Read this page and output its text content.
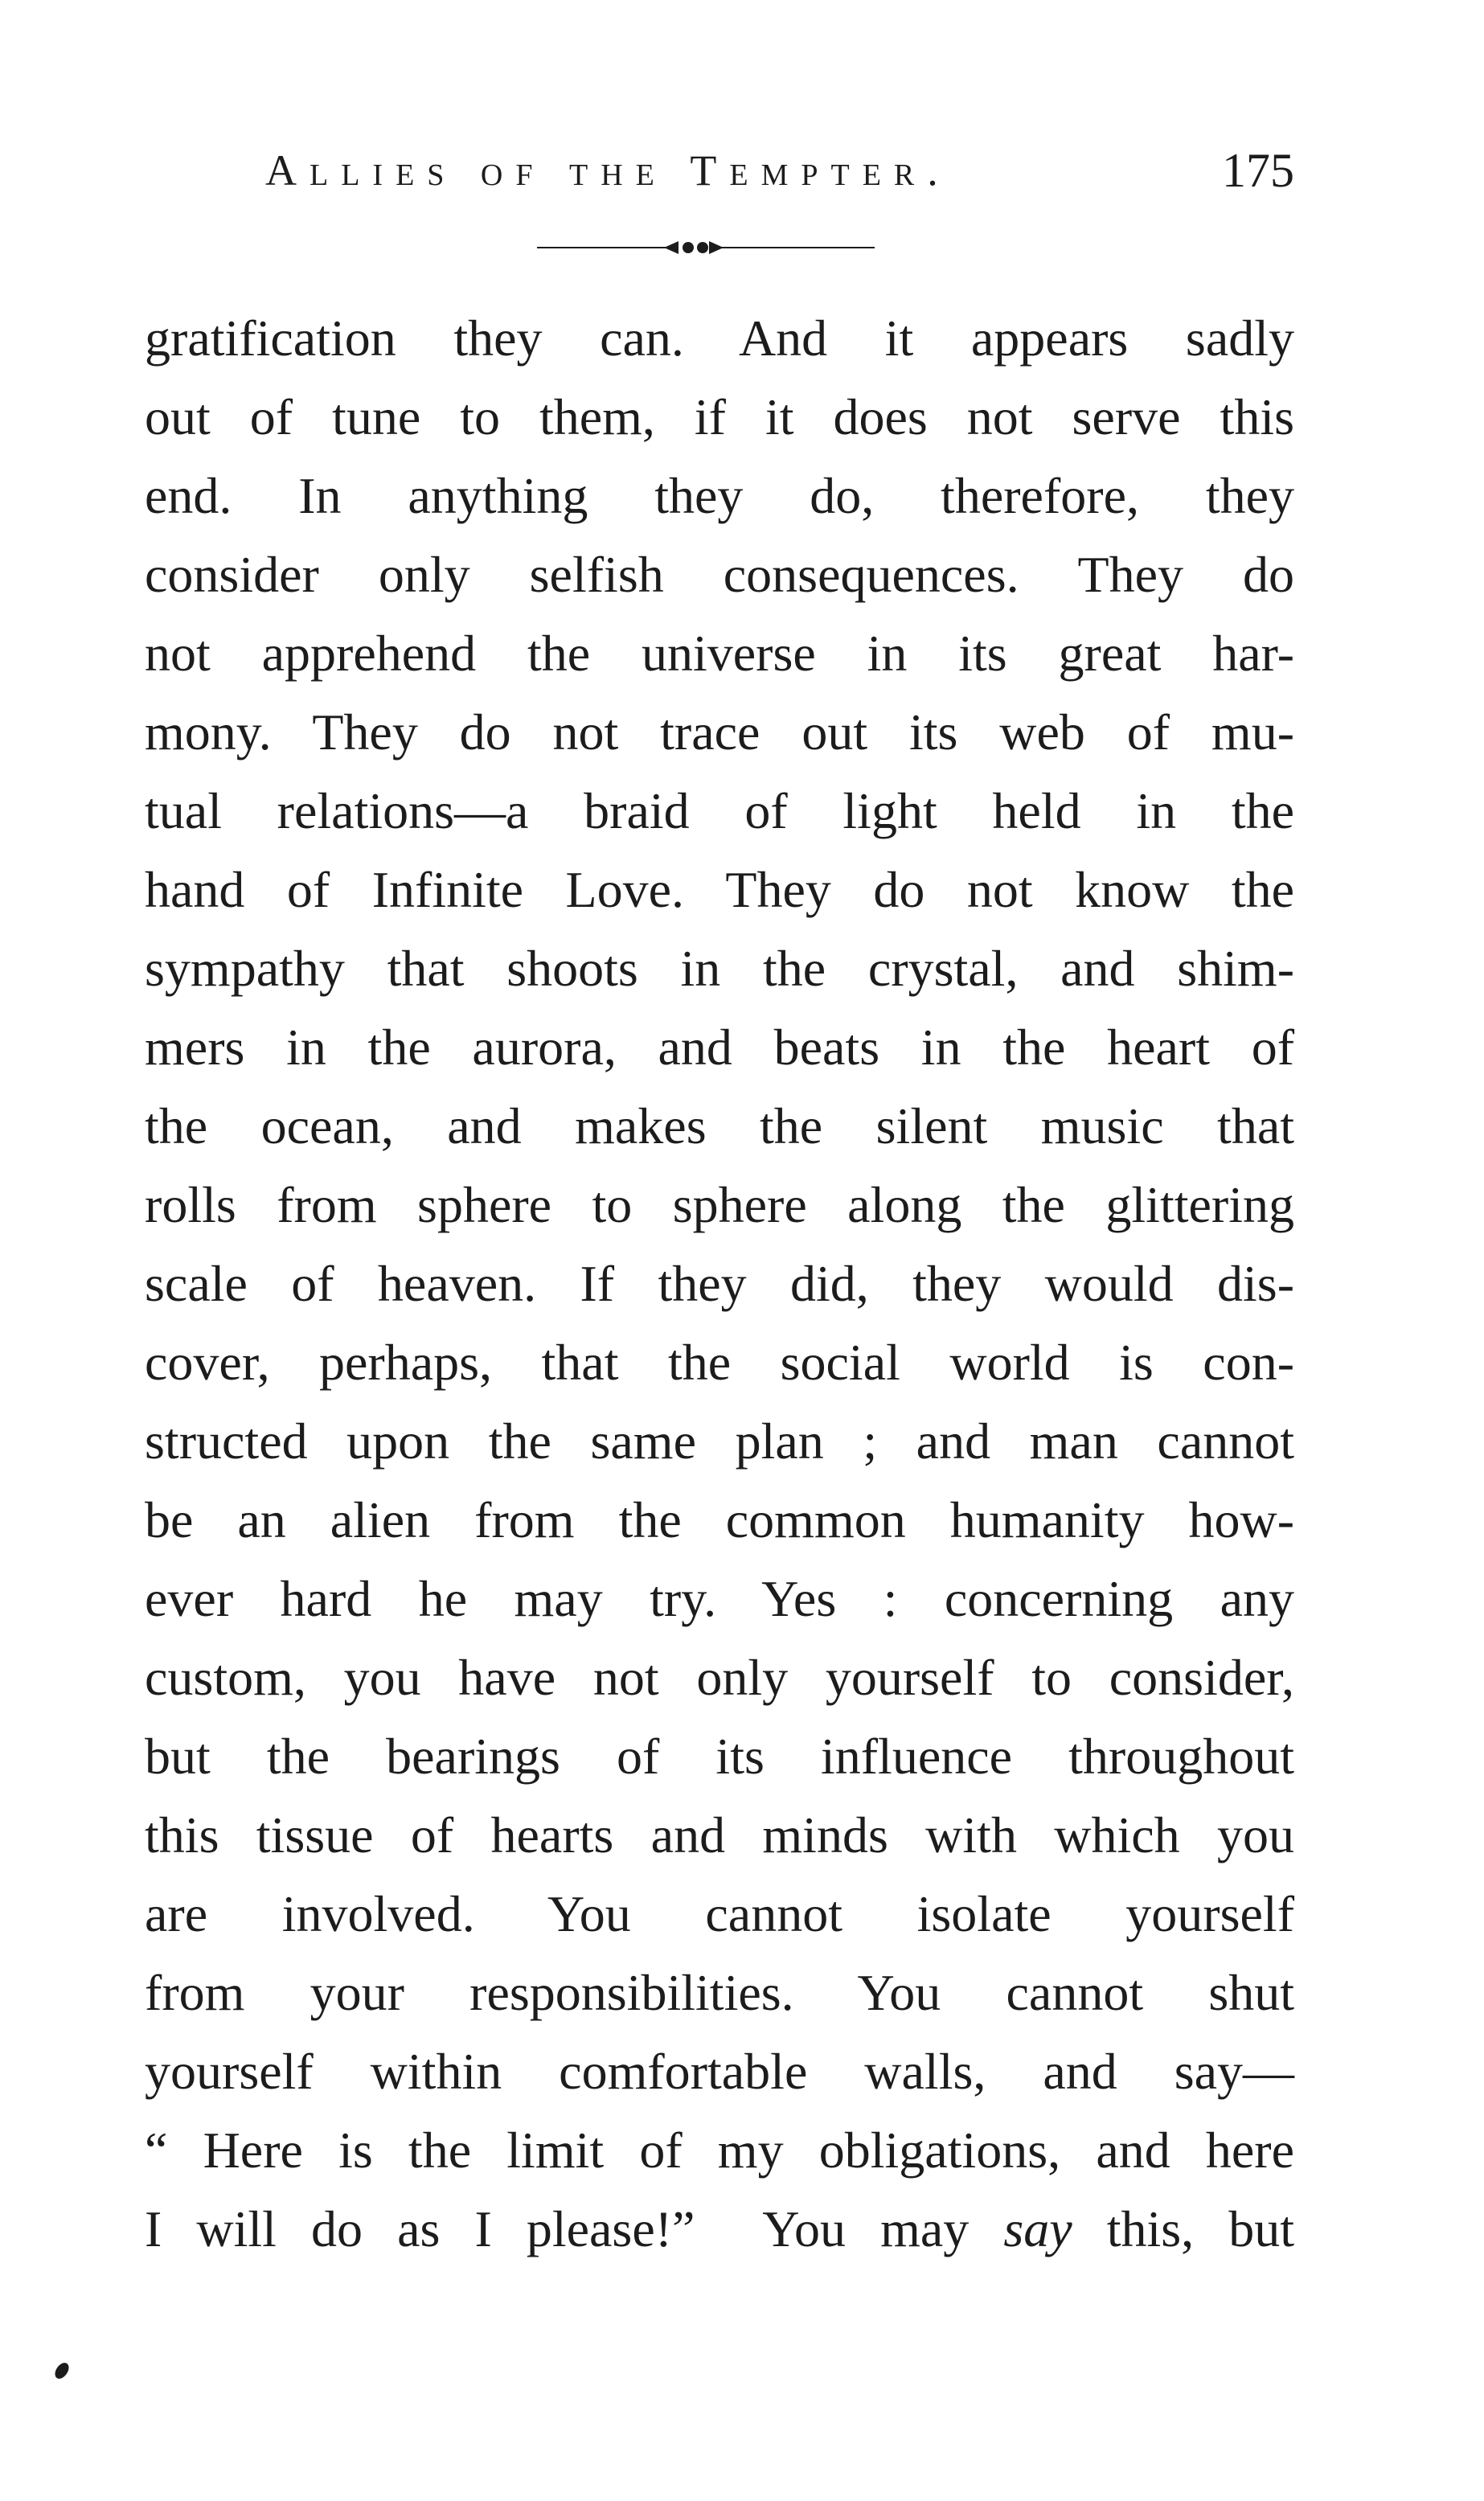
Allies of the Tempter.	175
gratification they can. And it appears sadly
out of tune to them, if it does not serve this
end. In anything they do, therefore, they
consider only selfish consequences. They do
not apprehend the universe in its great har-
mony. They do not trace out its web of mu-
tual relations—a braid of light held in the
hand of Infinite Love. They do not know the
sympathy that shoots in the crystal, and shim-
mers in the aurora, and beats in the heart of
the ocean, and makes the silent music that
rolls from sphere to sphere along the glittering
scale of heaven. If they did, they would dis-
cover, perhaps, that the social world is con-
structed upon the same plan ; and man cannot
be an alien from the common humanity how-
ever hard he may try. Yes : concerning any
custom, you have not only yourself to consider,
but the bearings of its influence throughout
this tissue of hearts and minds with which you
are involved. You cannot isolate yourself
from your responsibilities. You cannot shut
yourself within comfortable walls, and say—
“ Here is the limit of my obligations, and here
I will do as I please!”  You may say this, but
